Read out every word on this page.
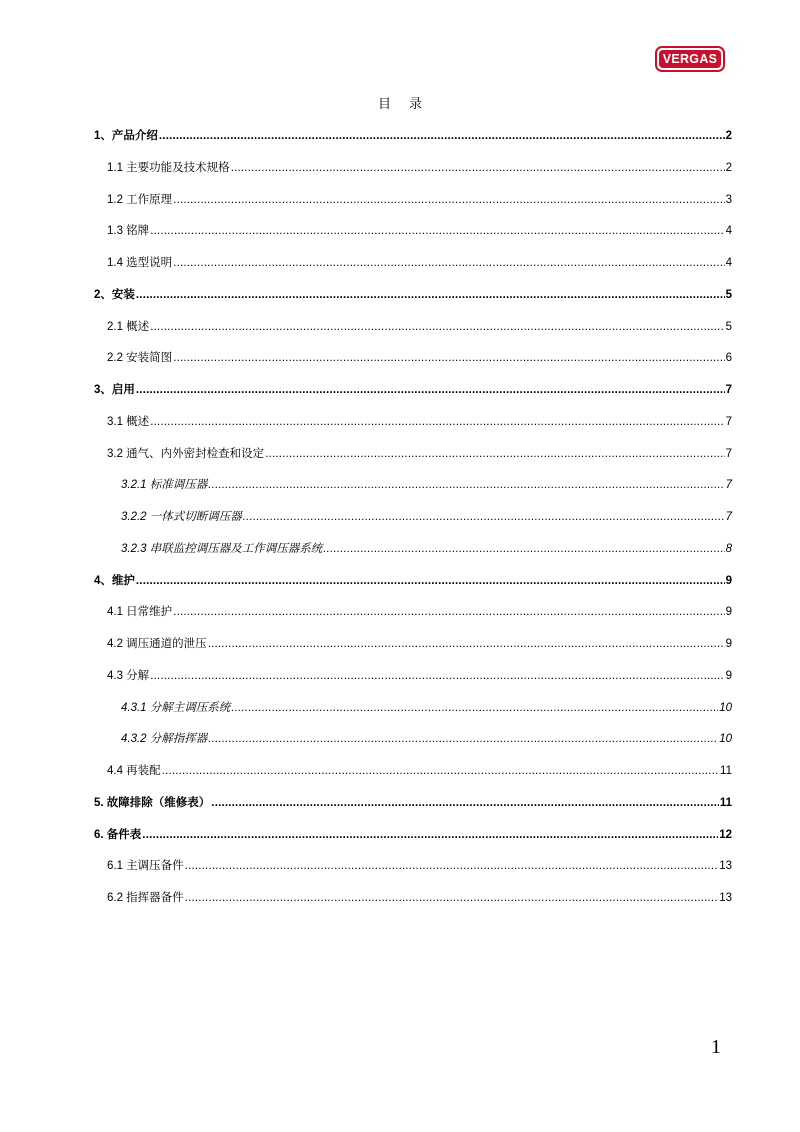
VERGAS
目录
1、产品介绍 .....	2
1.1 主要功能及技术规格 .....	2
1.2 工作原理 .....	3
1.3 铭牌 .....	4
1.4 选型说明 .....	4
2、安装 .....	5
2.1 概述 .....	5
2.2 安装简图 .....	6
3、启用 .....	7
3.1 概述 .....	7
3.2 通气、内外密封检查和设定 .....	7
3.2.1 标准调压器 .....	7
3.2.2 一体式切断调压器 .....	7
3.2.3 串联监控调压器及工作调压器系统 .....	8
4、维护 .....	9
4.1 日常维护 .....	9
4.2 调压通道的泄压 .....	9
4.3 分解 .....	9
4.3.1 分解主调压系统 .....	10
4.3.2 分解指挥器 .....	10
4.4 再装配 .....	11
5. 故障排除（维修表） .....	11
6. 备件表 .....	12
6.1 主调压备件 .....	13
6.2 指挥器备件 .....	13
1
